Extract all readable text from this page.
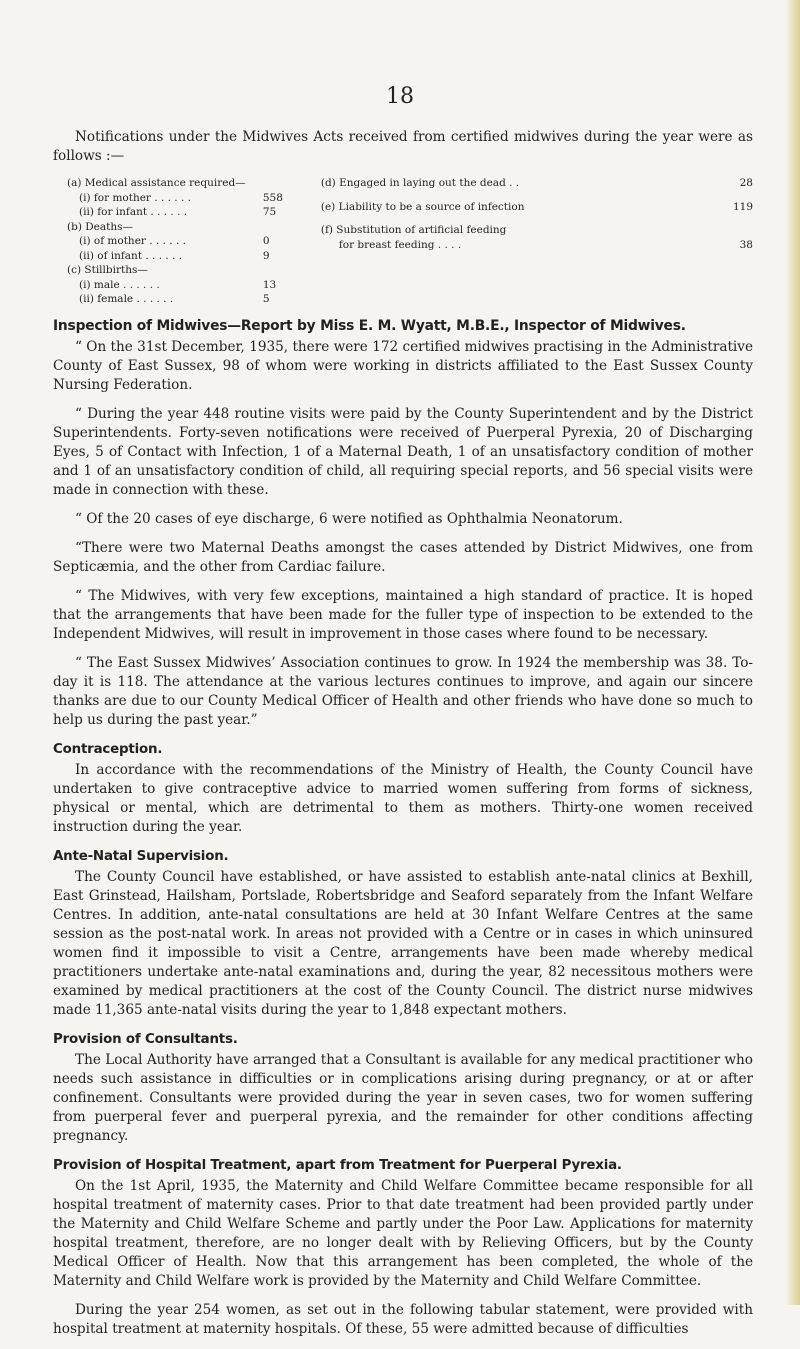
18

Notifications under the Midwives Acts received from certified midwives during the year were as follows :—

(a) Medical assistance required—
(i) for mother . . . . . .	558
(ii) for infant . . . . . .	75
(b) Deaths—
(i) of mother . . . . . .	0
(ii) of infant . . . . . .	9
(c) Stillbirths—
(i) male . . . . . .	13
(ii) female . . . . . .	5
(d) Engaged in laying out the dead . .	28
(e) Liability to be a source of infection	119
(f) Substitution of artificial feeding
for breast feeding . . . .	38
Inspection of Midwives—Report by Miss E. M. Wyatt, M.B.E., Inspector of Midwives.

“ On the 31st December, 1935, there were 172 certified midwives practising in the Administrative County of East Sussex, 98 of whom were working in districts affiliated to the East Sussex County Nursing Federation.

“ During the year 448 routine visits were paid by the County Superintendent and by the District Superintendents. Forty-seven notifications were received of Puerperal Pyrexia, 20 of Discharging Eyes, 5 of Contact with Infection, 1 of a Maternal Death, 1 of an unsatisfactory condition of mother and 1 of an unsatisfactory condition of child, all requiring special reports, and 56 special visits were made in connection with these.

“ Of the 20 cases of eye discharge, 6 were notified as Ophthalmia Neonatorum.

“There were two Maternal Deaths amongst the cases attended by District Midwives, one from Septicæmia, and the other from Cardiac failure.

“ The Midwives, with very few exceptions, maintained a high standard of practice. It is hoped that the arrangements that have been made for the fuller type of inspection to be extended to the Independent Midwives, will result in improvement in those cases where found to be necessary.

“ The East Sussex Midwives’ Association continues to grow. In 1924 the membership was 38. To-day it is 118. The attendance at the various lectures continues to improve, and again our sincere thanks are due to our County Medical Officer of Health and other friends who have done so much to help us during the past year.”

Contraception.

In accordance with the recommendations of the Ministry of Health, the County Council have undertaken to give contraceptive advice to married women suffering from forms of sickness, physical or mental, which are detrimental to them as mothers. Thirty-one women received instruction during the year.

Ante-Natal Supervision.

The County Council have established, or have assisted to establish ante-natal clinics at Bexhill, East Grinstead, Hailsham, Portslade, Robertsbridge and Seaford separately from the Infant Welfare Centres. In addition, ante-natal consultations are held at 30 Infant Welfare Centres at the same session as the post-natal work. In areas not provided with a Centre or in cases in which uninsured women find it impossible to visit a Centre, arrangements have been made whereby medical practitioners undertake ante-natal examinations and, during the year, 82 necessitous mothers were examined by medical practitioners at the cost of the County Council. The district nurse midwives made 11,365 ante-natal visits during the year to 1,848 expectant mothers.

Provision of Consultants.

The Local Authority have arranged that a Consultant is available for any medical practitioner who needs such assistance in difficulties or in complications arising during pregnancy, or at or after confinement. Consultants were provided during the year in seven cases, two for women suffering from puerperal fever and puerperal pyrexia, and the remainder for other conditions affecting pregnancy.

Provision of Hospital Treatment, apart from Treatment for Puerperal Pyrexia.

On the 1st April, 1935, the Maternity and Child Welfare Committee became responsible for all hospital treatment of maternity cases. Prior to that date treatment had been provided partly under the Maternity and Child Welfare Scheme and partly under the Poor Law. Applications for maternity hospital treatment, therefore, are no longer dealt with by Relieving Officers, but by the County Medical Officer of Health. Now that this arrangement has been completed, the whole of the Maternity and Child Welfare work is provided by the Maternity and Child Welfare Committee.

During the year 254 women, as set out in the following tabular statement, were provided with hospital treatment at maternity hospitals. Of these, 55 were admitted because of difficulties
